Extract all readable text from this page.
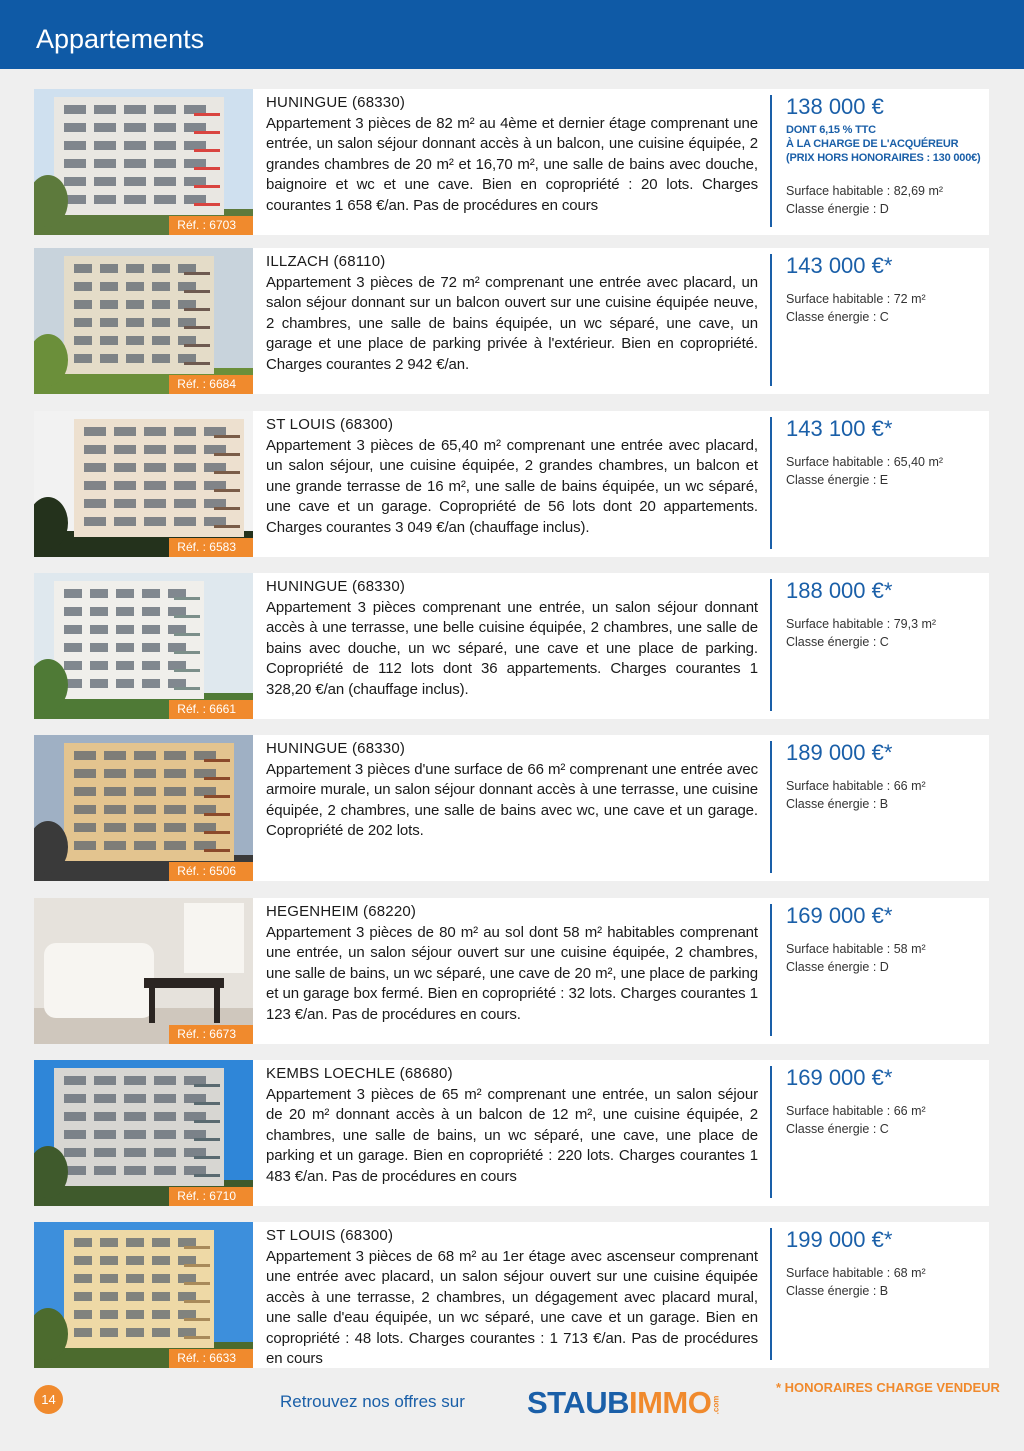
Appartements
Réf. : 6703
HUNINGUE (68330)
Appartement 3 pièces de 82 m² au 4ème et dernier étage comprenant une entrée, un salon séjour donnant accès à un balcon, une cuisine équipée, 2 grandes chambres de 20 m² et 16,70 m², une salle de bains avec douche, baignoire et wc et une cave. Bien en copropriété : 20 lots. Charges courantes 1 658 €/an. Pas de procédures en cours
138 000 €
DONT 6,15 % TTC
À LA CHARGE DE L'ACQUÉREUR
(PRIX HORS HONORAIRES : 130 000€)
Surface habitable : 82,69 m²
Classe énergie : D
Réf. : 6684
ILLZACH (68110)
Appartement 3 pièces de 72 m² comprenant une entrée avec placard, un salon séjour donnant sur un balcon ouvert sur une cuisine équipée neuve, 2 chambres, une salle de bains équipée, un wc séparé, une cave, un garage et une place de parking privée à l'extérieur. Bien en copropriété. Charges courantes 2 942 €/an.
143 000 €*
Surface habitable : 72 m²
Classe énergie : C
Réf. : 6583
ST LOUIS (68300)
Appartement 3 pièces de 65,40 m² comprenant une entrée avec placard, un salon séjour, une cuisine équipée, 2 grandes chambres, un balcon et une grande terrasse de 16 m², une salle de bains équipée, un wc séparé, une cave et un garage. Copropriété de 56 lots dont 20 appartements. Charges courantes 3 049 €/an (chauffage inclus).
143 100 €*
Surface habitable : 65,40 m²
Classe énergie : E
Réf. : 6661
HUNINGUE (68330)
Appartement 3 pièces comprenant une entrée, un salon séjour donnant accès à une terrasse, une belle cuisine équipée, 2 chambres, une salle de bains avec douche, un wc séparé, une cave et une place de parking. Copropriété de 112 lots dont 36 appartements. Charges courantes 1 328,20 €/an (chauffage inclus).
188 000 €*
Surface habitable : 79,3 m²
Classe énergie : C
Réf. : 6506
HUNINGUE (68330)
Appartement 3 pièces d'une surface de 66 m² comprenant une entrée avec armoire murale, un salon séjour donnant accès à une terrasse, une cuisine équipée, 2 chambres, une salle de bains avec wc, une cave et un garage. Copropriété de 202 lots.
189 000 €*
Surface habitable : 66 m²
Classe énergie : B
Réf. : 6673
HEGENHEIM (68220)
Appartement 3 pièces de 80 m² au sol dont 58 m² habitables comprenant une entrée, un salon séjour ouvert sur une cuisine équipée, 2 chambres, une salle de bains, un wc séparé, une cave de 20 m², une place de parking et un garage box fermé. Bien en copropriété : 32 lots. Charges courantes 1 123 €/an. Pas de procédures en cours.
169 000 €*
Surface habitable : 58 m²
Classe énergie : D
Réf. : 6710
KEMBS LOECHLE (68680)
Appartement 3 pièces de 65 m² comprenant une entrée, un salon séjour de 20 m² donnant accès à un balcon de 12 m², une cuisine équipée, 2 chambres, une salle de bains, un wc séparé, une cave, une place de parking et un garage. Bien en copropriété : 220 lots. Charges courantes 1 483 €/an. Pas de procédures en cours
169 000 €*
Surface habitable : 66 m²
Classe énergie : C
Réf. : 6633
ST LOUIS (68300)
Appartement 3 pièces de 68 m² au 1er étage avec ascenseur comprenant une entrée avec placard, un salon séjour ouvert sur une cuisine équipée accès à une terrasse, 2 chambres, un dégagement avec placard mural, une salle d'eau équipée, un wc séparé, une cave et un garage. Bien en copropriété : 48 lots. Charges courantes : 1 713 €/an. Pas de procédures en cours
199 000 €*
Surface habitable : 68 m²
Classe énergie : B
14	Retrouvez nos offres sur STAUBIMMO.com
* HONORAIRES CHARGE VENDEUR
